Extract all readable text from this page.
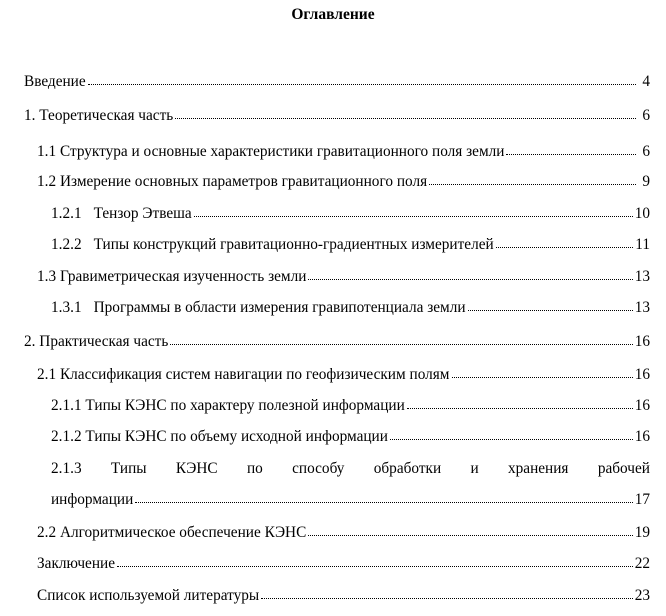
Оглавление
Введение	4
1. Теоретическая часть	6
1.1 Структура и основные характеристики гравитационного поля земли	6
1.2 Измерение основных параметров гравитационного поля	9
1.2.1 Тензор Этвеша	10
1.2.2 Типы конструкций гравитационно-градиентных измерителей	11
1.3 Гравиметрическая изученность земли	13
1.3.1 Программы в области измерения гравипотенциала земли	13
2. Практическая часть	16
2.1 Классификация систем навигации по геофизическим полям	16
2.1.1 Типы КЭНС по характеру полезной информации	16
2.1.2 Типы КЭНС по объему исходной информации	16
2.1.3 Типы КЭНС по способу обработки и хранения рабочей
информации	17
2.2 Алгоритмическое обеспечение КЭНС	19
Заключение	22
Список используемой литературы	23
